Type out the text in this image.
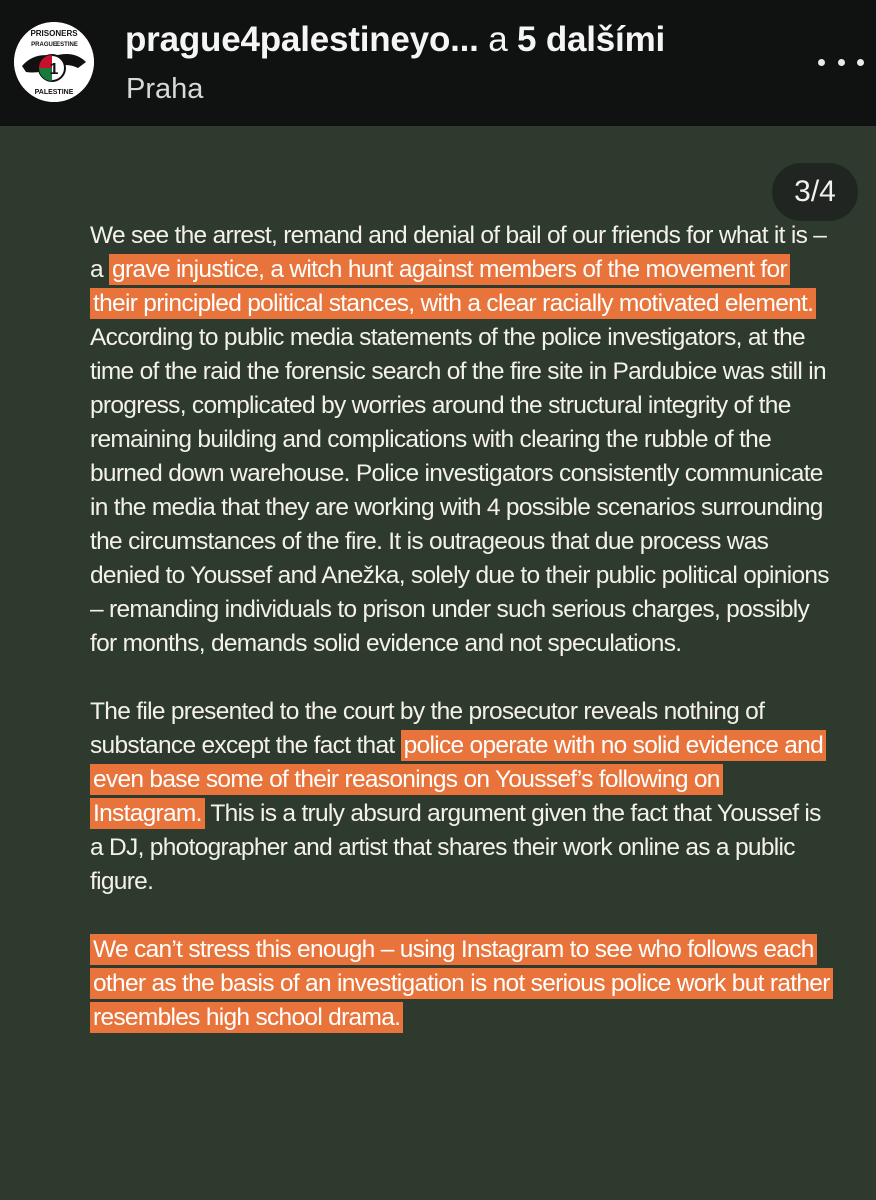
PRISONERS
PRAGUE ESTINE
1
PALESTINE
prague4palestineyo... a 5 dalšími
Praha
3/4

We see the arrest, remand and denial of bail of our friends for what it is – a grave injustice, a witch hunt against members of the movement for their principled political stances, with a clear racially motivated element. According to public media statements of the police investigators, at the time of the raid the forensic search of the fire site in Pardubice was still in progress, complicated by worries around the structural integrity of the remaining building and complications with clearing the rubble of the burned down warehouse. Police investigators consistently communicate in the media that they are working with 4 possible scenarios surrounding the circumstances of the fire. It is outrageous that due process was denied to Youssef and Anežka, solely due to their public political opinions – remanding individuals to prison under such serious charges, possibly for months, demands solid evidence and not speculations.

The file presented to the court by the prosecutor reveals nothing of substance except the fact that police operate with no solid evidence and even base some of their reasonings on Youssef’s following on Instagram. This is a truly absurd argument given the fact that Youssef is a DJ, photographer and artist that shares their work online as a public figure.

We can’t stress this enough – using Instagram to see who follows each other as the basis of an investigation is not serious police work but rather resembles high school drama.
